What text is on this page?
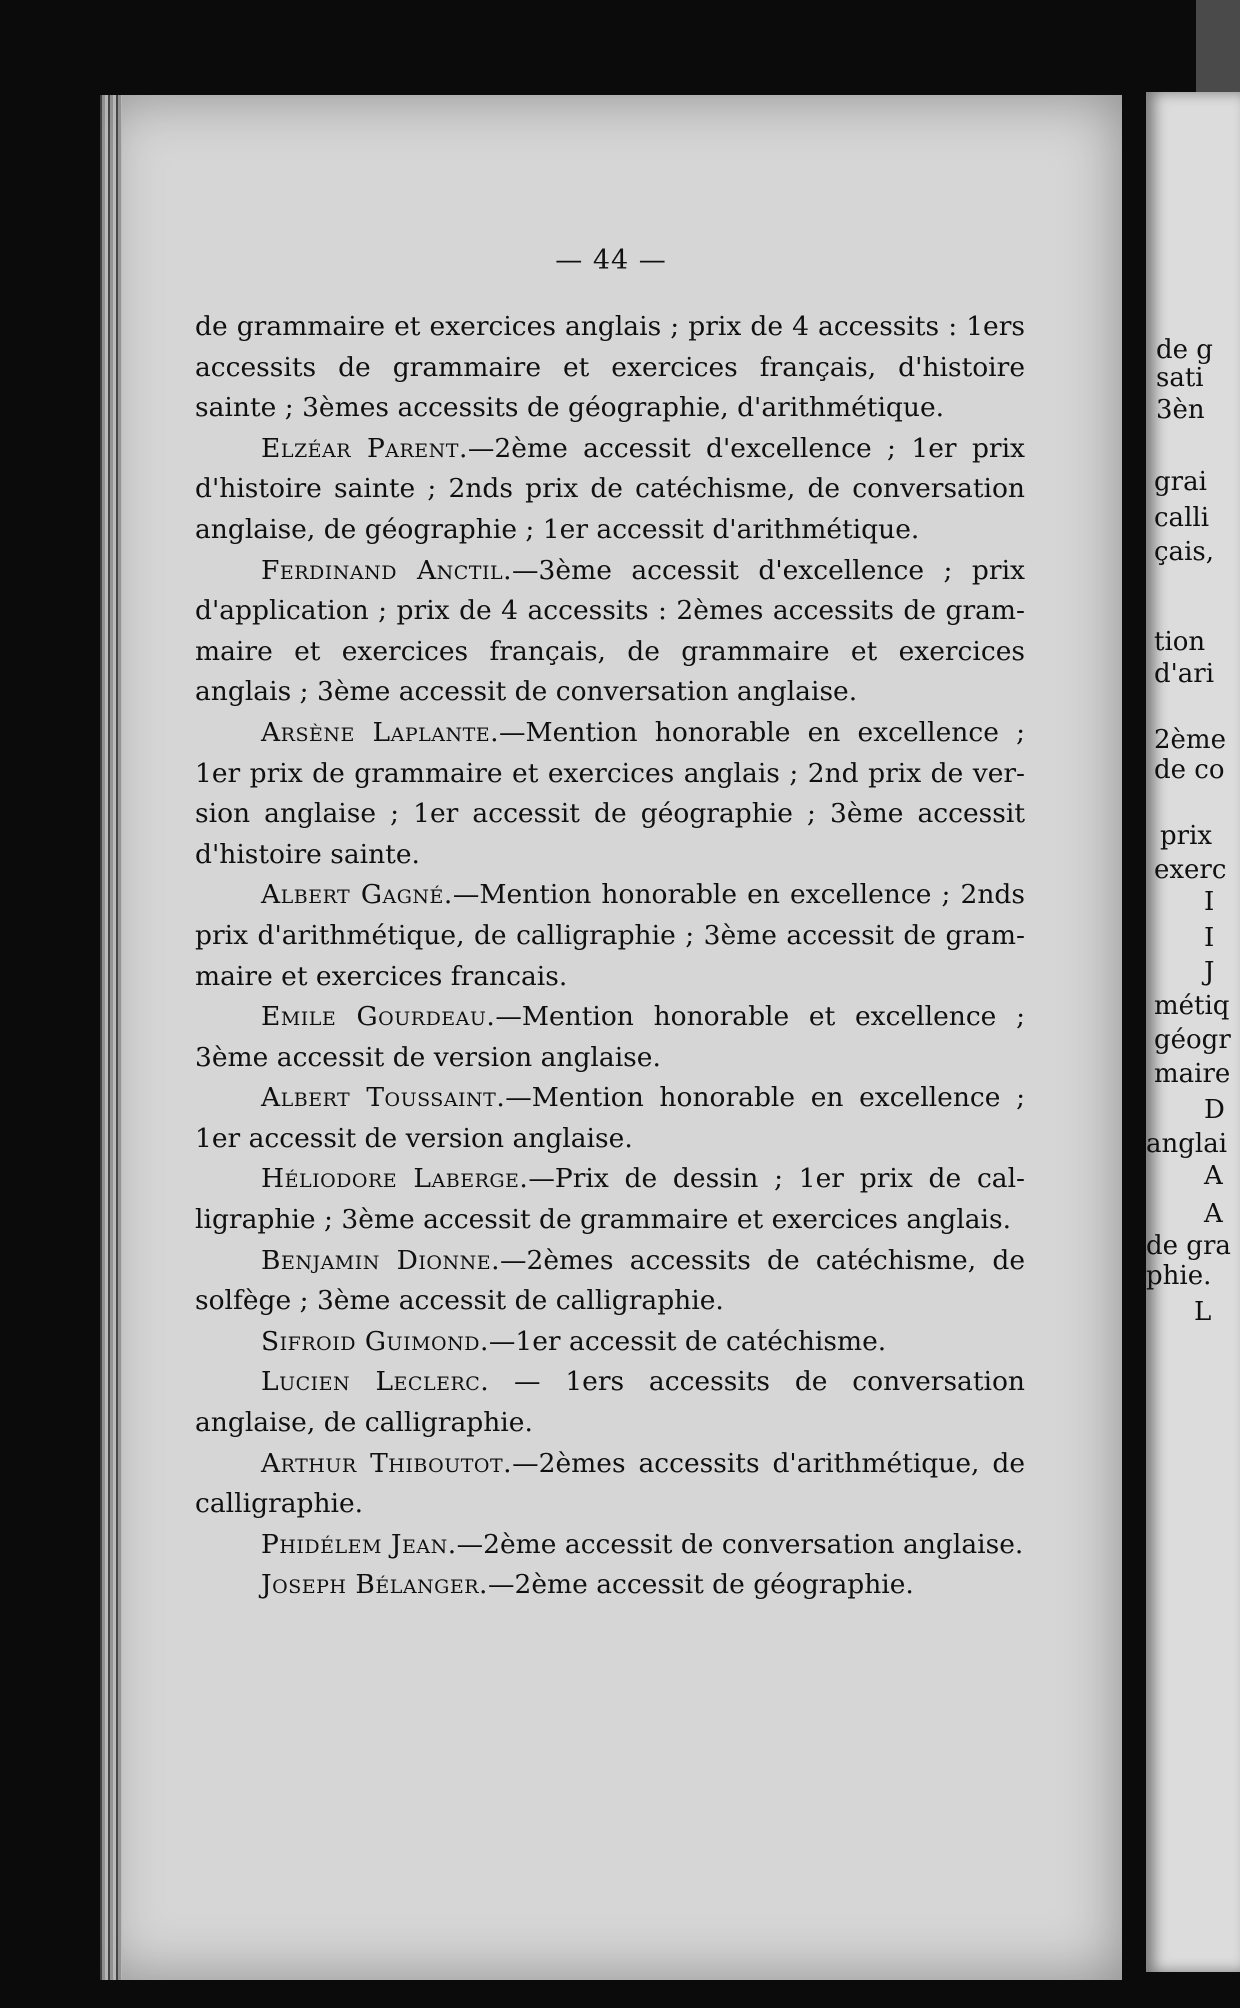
— 44 —

de grammaire et exercices anglais ; prix de 4 accessits : 1ers accessits de grammaire et exercices français, d'histoire sainte ; 3èmes accessits de géographie, d'arithmétique.

Elzéar Parent.—2ème accessit d'excellence ; 1er prix d'histoire sainte ; 2nds prix de catéchisme, de conversation anglaise, de géographie ; 1er accessit d'arithmétique.

Ferdinand Anctil.—3ème accessit d'excellence ; prix d'application ; prix de 4 accessits : 2èmes accessits de gram- maire et exercices français, de grammaire et exercices anglais ; 3ème accessit de conversation anglaise.

Arsène Laplante.—Mention honorable en excellence ; 1er prix de grammaire et exercices anglais ; 2nd prix de ver- sion anglaise ; 1er accessit de géographie ; 3ème accessit d'histoire sainte.

Albert Gagné.—Mention honorable en excellence ; 2nds prix d'arithmétique, de calligraphie ; 3ème accessit de gram- maire et exercices francais.

Emile Gourdeau.—Mention honorable et excellence ; 3ème accessit de version anglaise.

Albert Toussaint.—Mention honorable en excellence ; 1er accessit de version anglaise.

Héliodore Laberge.—Prix de dessin ; 1er prix de cal- ligraphie ; 3ème accessit de grammaire et exercices anglais.

Benjamin Dionne.—2èmes accessits de catéchisme, de solfège ; 3ème accessit de calligraphie.

Sifroid Guimond.—1er accessit de catéchisme.

Lucien Leclerc. — 1ers accessits de conversation anglaise, de calligraphie.

Arthur Thiboutot.—2èmes accessits d'arithmétique, de calligraphie.

Phidélem Jean.—2ème accessit de conversation anglaise.

Joseph Bélanger.—2ème accessit de géographie.

de g
sati
3èn
grai
calli
çais,
tion
d'ari
2ème
de co
prix
exerc
I
I
J
métiq
géogr
maire
D
anglai
A
A
de gra
phie.
L
